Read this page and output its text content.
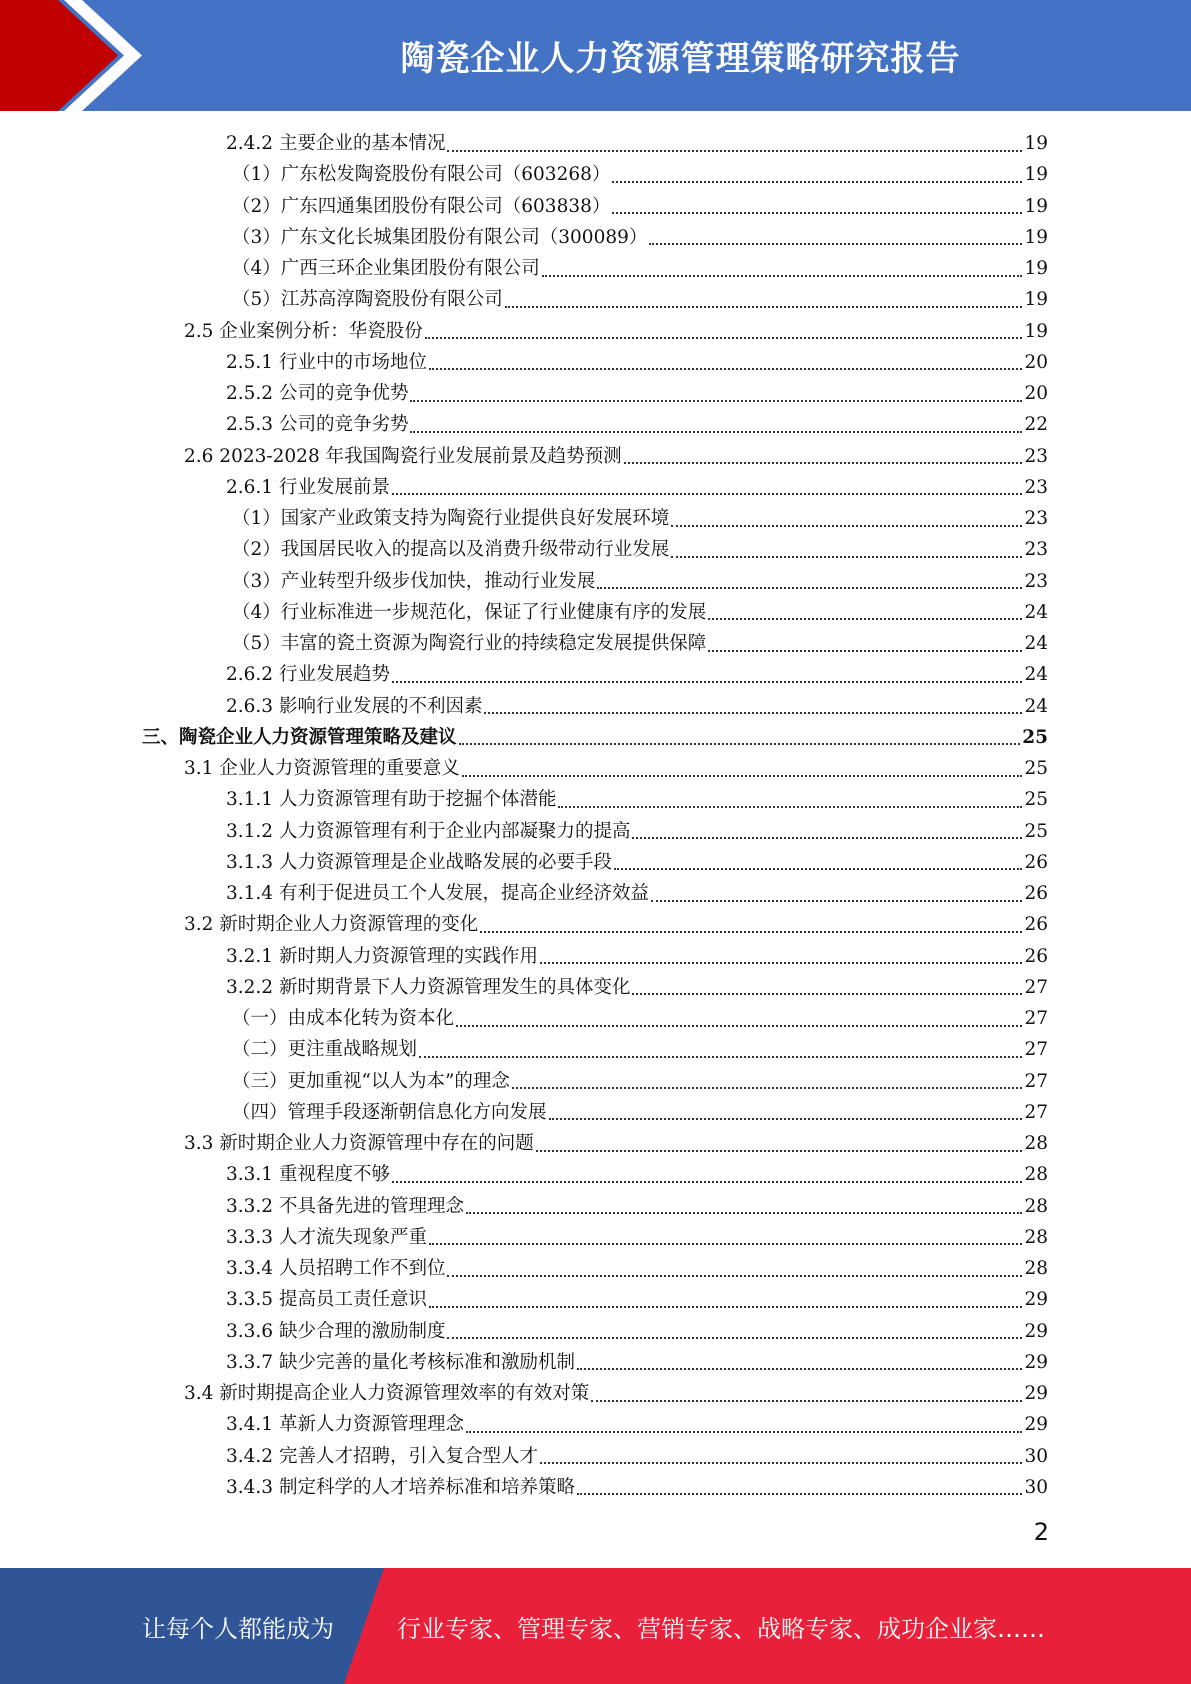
陶瓷企业人力资源管理策略研究报告
2.4.2 主要企业的基本情况	19
（1）广东松发陶瓷股份有限公司（603268）	19
（2）广东四通集团股份有限公司（603838）	19
（3）广东文化长城集团股份有限公司（300089）	19
（4）广西三环企业集团股份有限公司	19
（5）江苏高淳陶瓷股份有限公司	19
2.5 企业案例分析：华瓷股份	19
2.5.1 行业中的市场地位	20
2.5.2 公司的竞争优势	20
2.5.3 公司的竞争劣势	22
2.6 2023-2028 年我国陶瓷行业发展前景及趋势预测	23
2.6.1 行业发展前景	23
（1）国家产业政策支持为陶瓷行业提供良好发展环境	23
（2）我国居民收入的提高以及消费升级带动行业发展	23
（3）产业转型升级步伐加快，推动行业发展	23
（4）行业标准进一步规范化，保证了行业健康有序的发展	24
（5）丰富的瓷土资源为陶瓷行业的持续稳定发展提供保障	24
2.6.2 行业发展趋势	24
2.6.3 影响行业发展的不利因素	24
三、陶瓷企业人力资源管理策略及建议	25
3.1 企业人力资源管理的重要意义	25
3.1.1 人力资源管理有助于挖掘个体潜能	25
3.1.2 人力资源管理有利于企业内部凝聚力的提高	25
3.1.3 人力资源管理是企业战略发展的必要手段	26
3.1.4 有利于促进员工个人发展，提高企业经济效益	26
3.2 新时期企业人力资源管理的变化	26
3.2.1 新时期人力资源管理的实践作用	26
3.2.2 新时期背景下人力资源管理发生的具体变化	27
（一）由成本化转为资本化	27
（二）更注重战略规划	27
（三）更加重视“以人为本”的理念	27
（四）管理手段逐渐朝信息化方向发展	27
3.3 新时期企业人力资源管理中存在的问题	28
3.3.1 重视程度不够	28
3.3.2 不具备先进的管理理念	28
3.3.3 人才流失现象严重	28
3.3.4 人员招聘工作不到位	28
3.3.5 提高员工责任意识	29
3.3.6 缺少合理的激励制度	29
3.3.7 缺少完善的量化考核标准和激励机制	29
3.4 新时期提高企业人力资源管理效率的有效对策	29
3.4.1 革新人力资源管理理念	29
3.4.2 完善人才招聘，引入复合型人才	30
3.4.3 制定科学的人才培养标准和培养策略	30
2
让每个人都能成为	行业专家、管理专家、营销专家、战略专家、成功企业家……
